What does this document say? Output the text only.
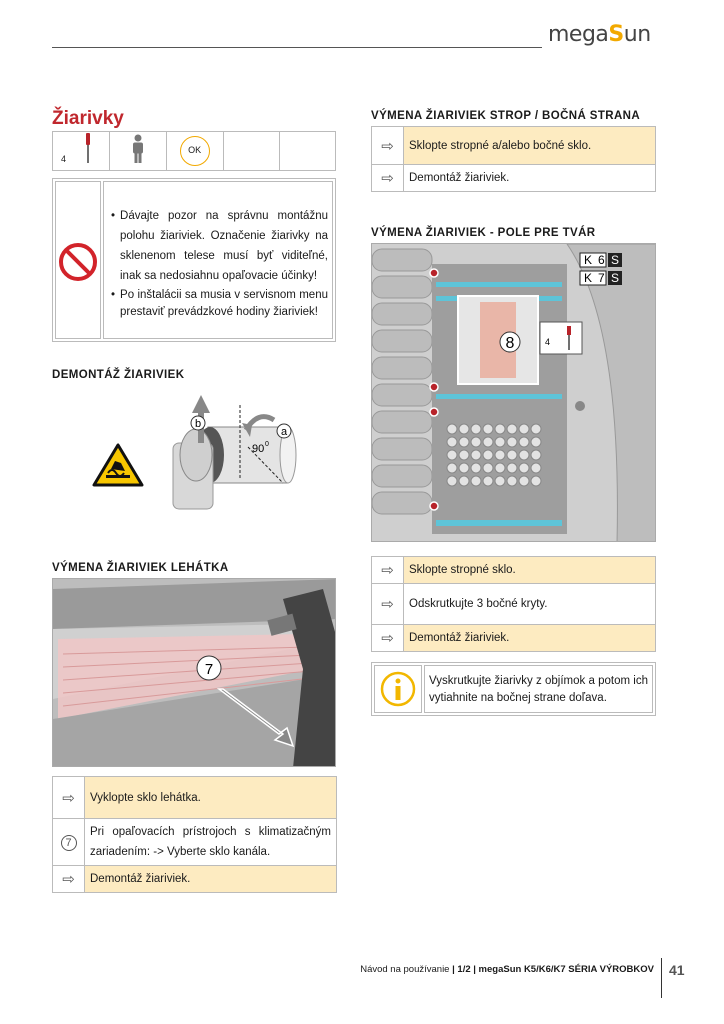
megaSun
Žiarivky
4
		OK		
• Dávajte pozor na správnu montážnu polohu žiariviek. Označenie žiarivky na sklenenom telese musí byť viditeľné, inak sa nedosiahnu opaľovacie účinky!
• Po inštalácii sa musia v servisnom menu prestaviť prevádzkové hodiny žiariviek!
DEMONTÁŽ ŽIARIVIEK
b
a
90 0
VÝMENA ŽIARIVIEK LEHÁTKA
7
⇨	Vyklopte sklo lehátka.
7	Pri opaľovacích prístrojoch s klimatizačným zariadením: -> Vyberte sklo kanála.
⇨	Demontáž žiariviek.
VÝMENA ŽIARIVIEK STROP / BOČNÁ STRANA
⇨	Sklopte stropné a/alebo bočné sklo.
⇨	Demontáž žiariviek.
VÝMENA ŽIARIVIEK - POLE PRE TVÁR
8
K 6 S
K 7 S
4
⇨	Sklopte stropné sklo.
⇨	Odskrutkujte 3 bočné kryty.
⇨	Demontáž žiariviek.
Vyskrutkujte žiarivky z objímok a potom ich vytiahnite na bočnej strane doľava.
Návod na používanie | 1/2 | megaSun K5/K6/K7 SÉRIA VÝROBKOV 41
